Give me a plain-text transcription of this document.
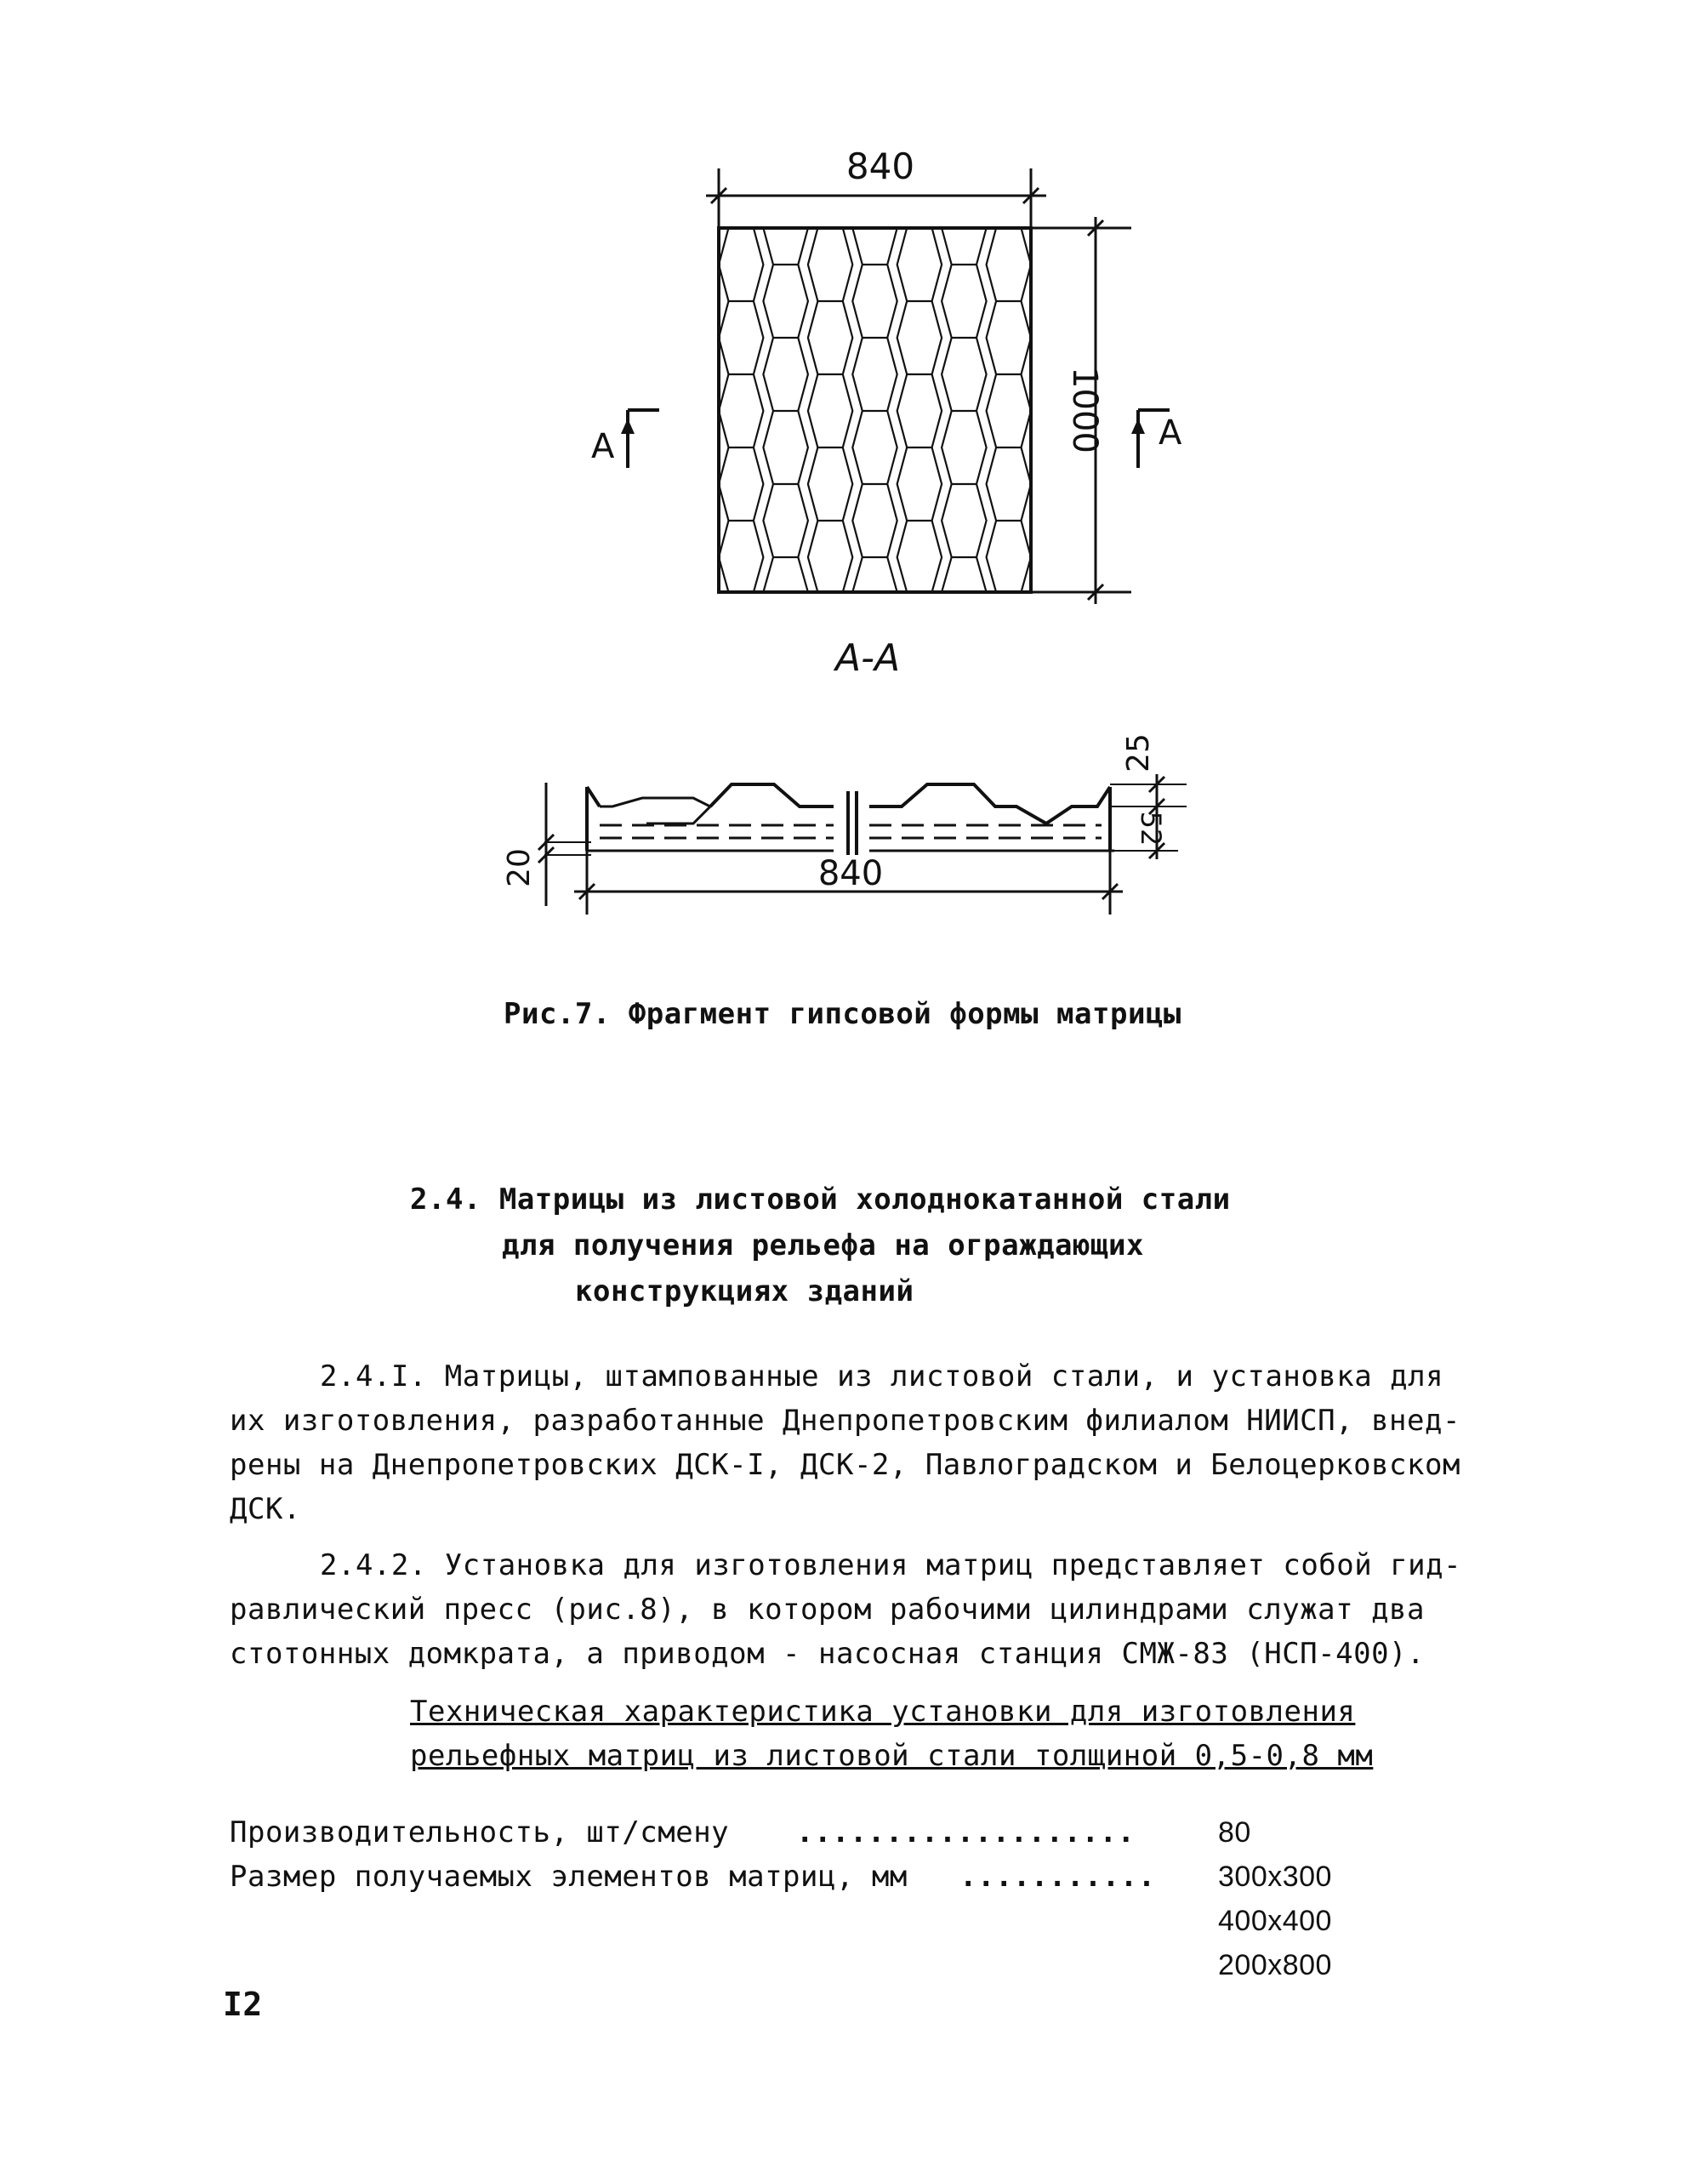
840
1000
A	A
A-A
25
52
20	840
Рис.7. Фрагмент гипсовой формы матрицы
2.4. Матрицы из листовой холоднокатанной стали
для получения рельефа на ограждающих
конструкциях зданий
2.4.I. Матрицы, штампованные из листовой стали, и установка для
их изготовления, разработанные Днепропетровским филиалом НИИСП, внед-
рены на Днепропетровских ДСК-I, ДСК-2, Павлоградском и Белоцерковском
ДСК.
2.4.2. Установка для изготовления матриц представляет собой гид-
равлический пресс (рис.8), в котором рабочими цилиндрами служат два
стотонных домкрата, а приводом - насосная станция СМЖ-83 (НСП-400).
Техническая характеристика установки для изготовления
рельефных матриц из листовой стали толщиной 0,5-0,8 мм
Производительность, шт/смену ...................	80
Размер получаемых элементов матриц, мм ........... 300x300
400x400
200x800
I2
